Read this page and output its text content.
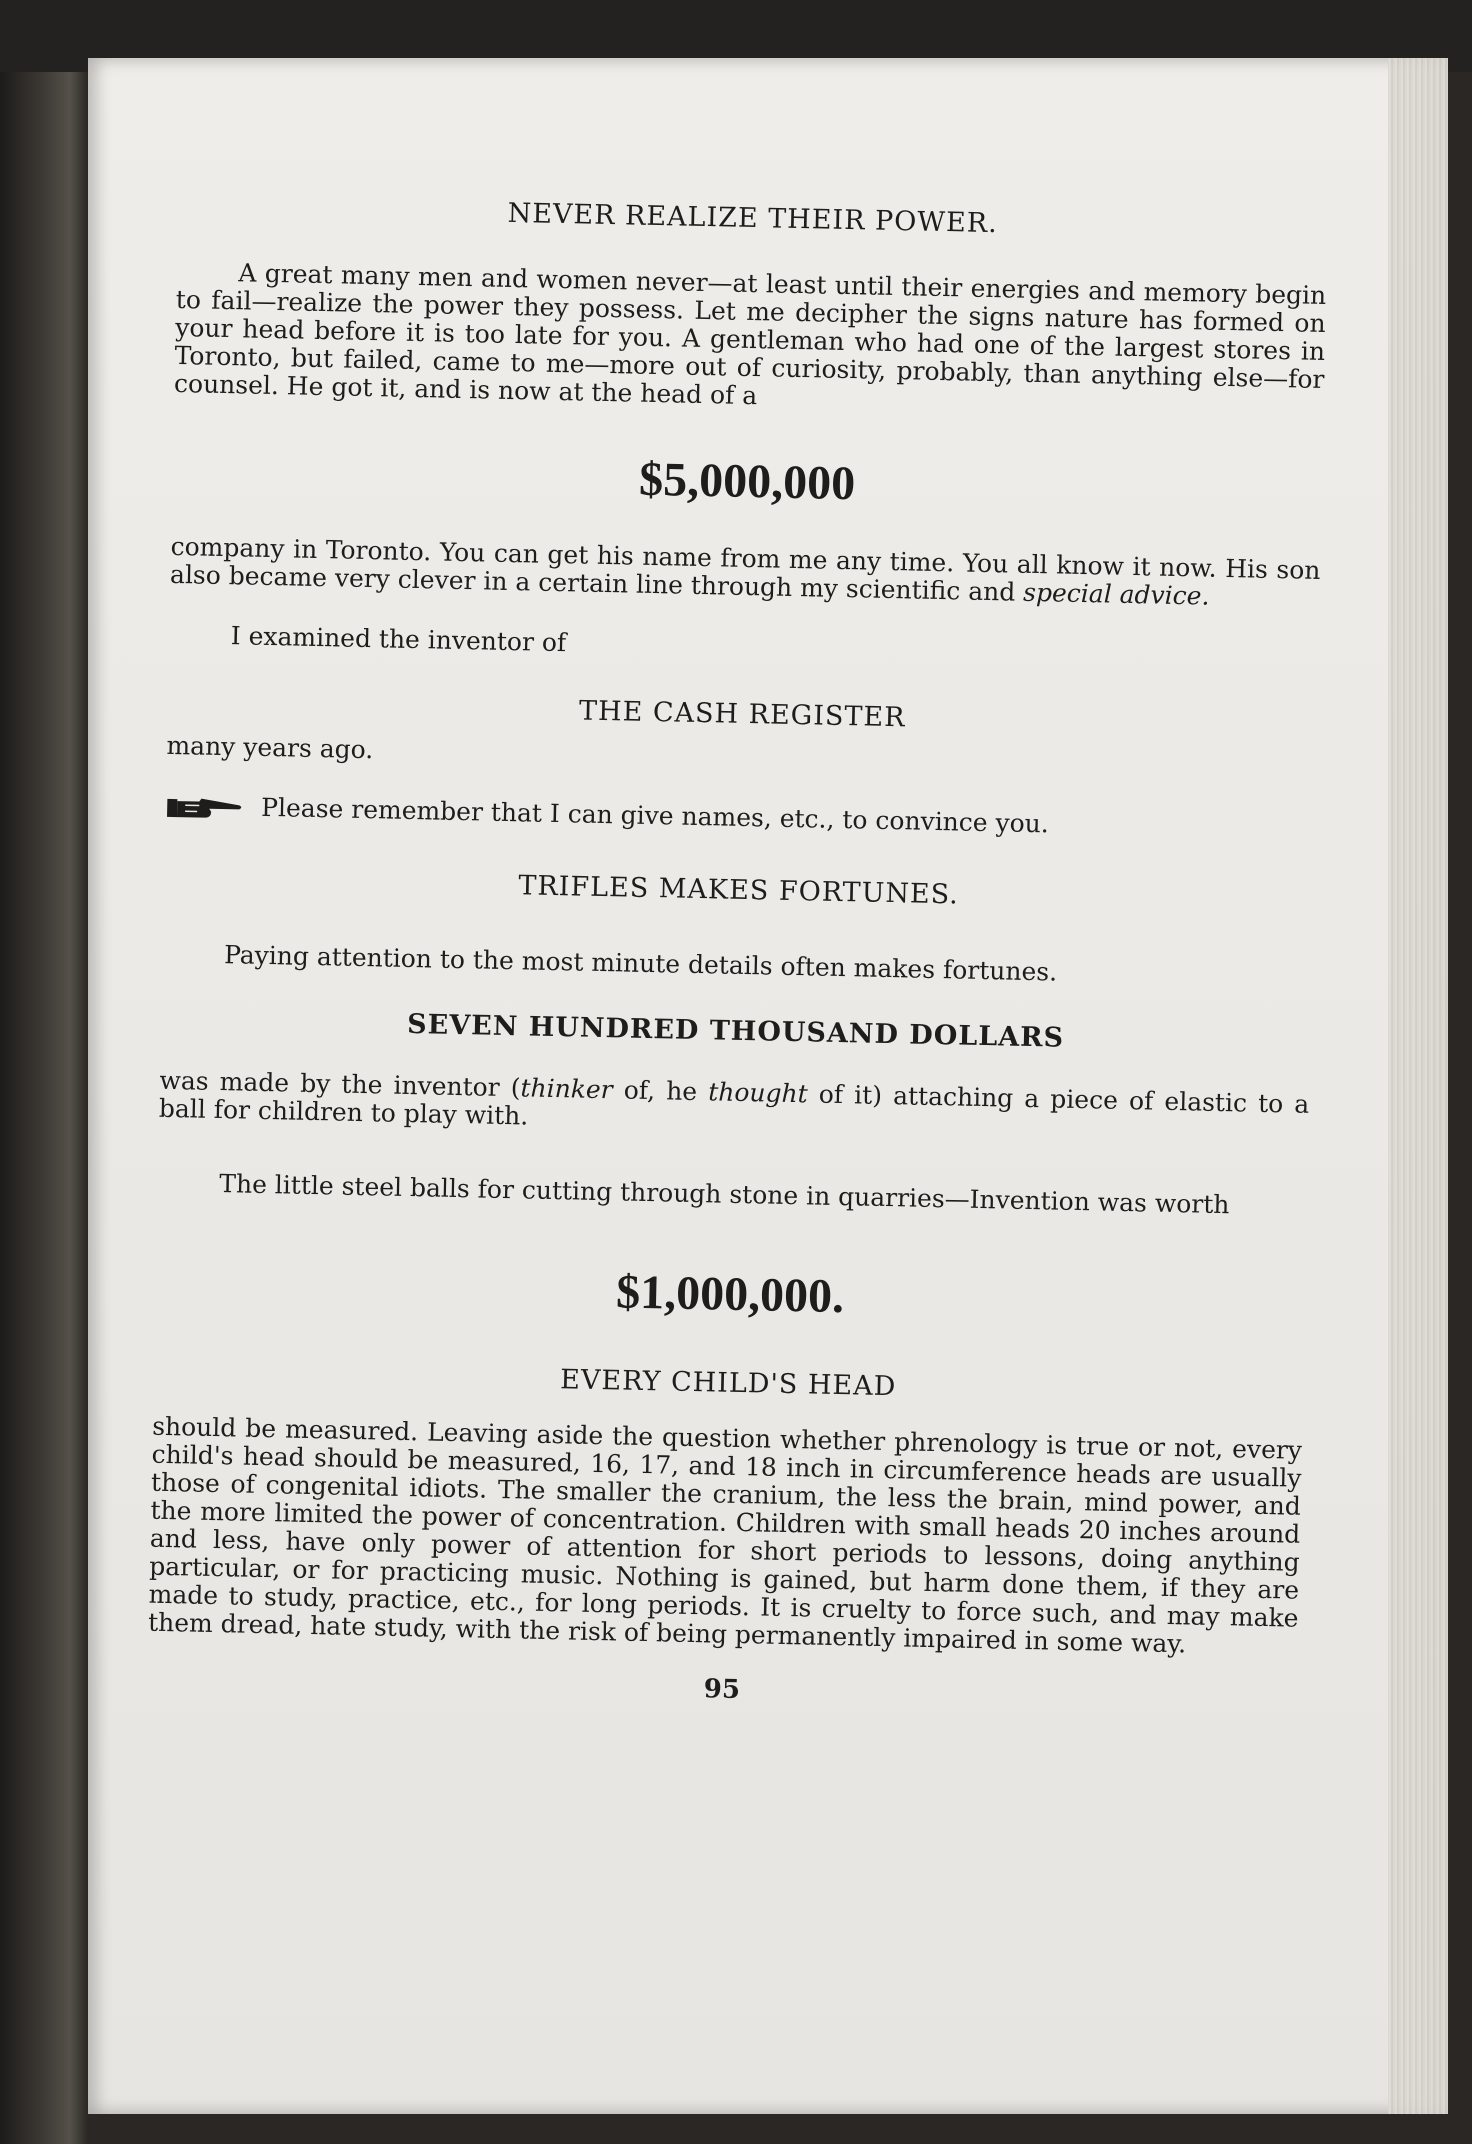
NEVER REALIZE THEIR POWER.

A great many men and women never—at least until their energies and memory begin to fail—realize the power they possess. Let me decipher the signs nature has formed on your head before it is too late for you. A gentleman who had one of the largest stores in Toronto, but failed, came to me—more out of curiosity, probably, than anything else—for counsel. He got it, and is now at the head of a

$5,000,000

company in Toronto. You can get his name from me any time. You all know it now. His son also became very clever in a certain line through my scientific and special advice.

I examined the inventor of

THE CASH REGISTER

many years ago.

Please remember that I can give names, etc., to convince you.

TRIFLES MAKES FORTUNES.

Paying attention to the most minute details often makes fortunes.

SEVEN HUNDRED THOUSAND DOLLARS

was made by the inventor (thinker of, he thought of it) attaching a piece of elastic to a ball for children to play with.

The little steel balls for cutting through stone in quarries—Invention was worth

$1,000,000.
EVERY CHILD'S HEAD

should be measured. Leaving aside the question whether phrenology is true or not, every child's head should be measured, 16, 17, and 18 inch in circumference heads are usually those of congenital idiots. The smaller the cranium, the less the brain, mind power, and the more limited the power of concentration. Children with small heads 20 inches around and less, have only power of attention for short periods to lessons, doing anything particular, or for practicing music. Nothing is gained, but harm done them, if they are made to study, practice, etc., for long periods. It is cruelty to force such, and may make them dread, hate study, with the risk of being permanently impaired in some way.

95
